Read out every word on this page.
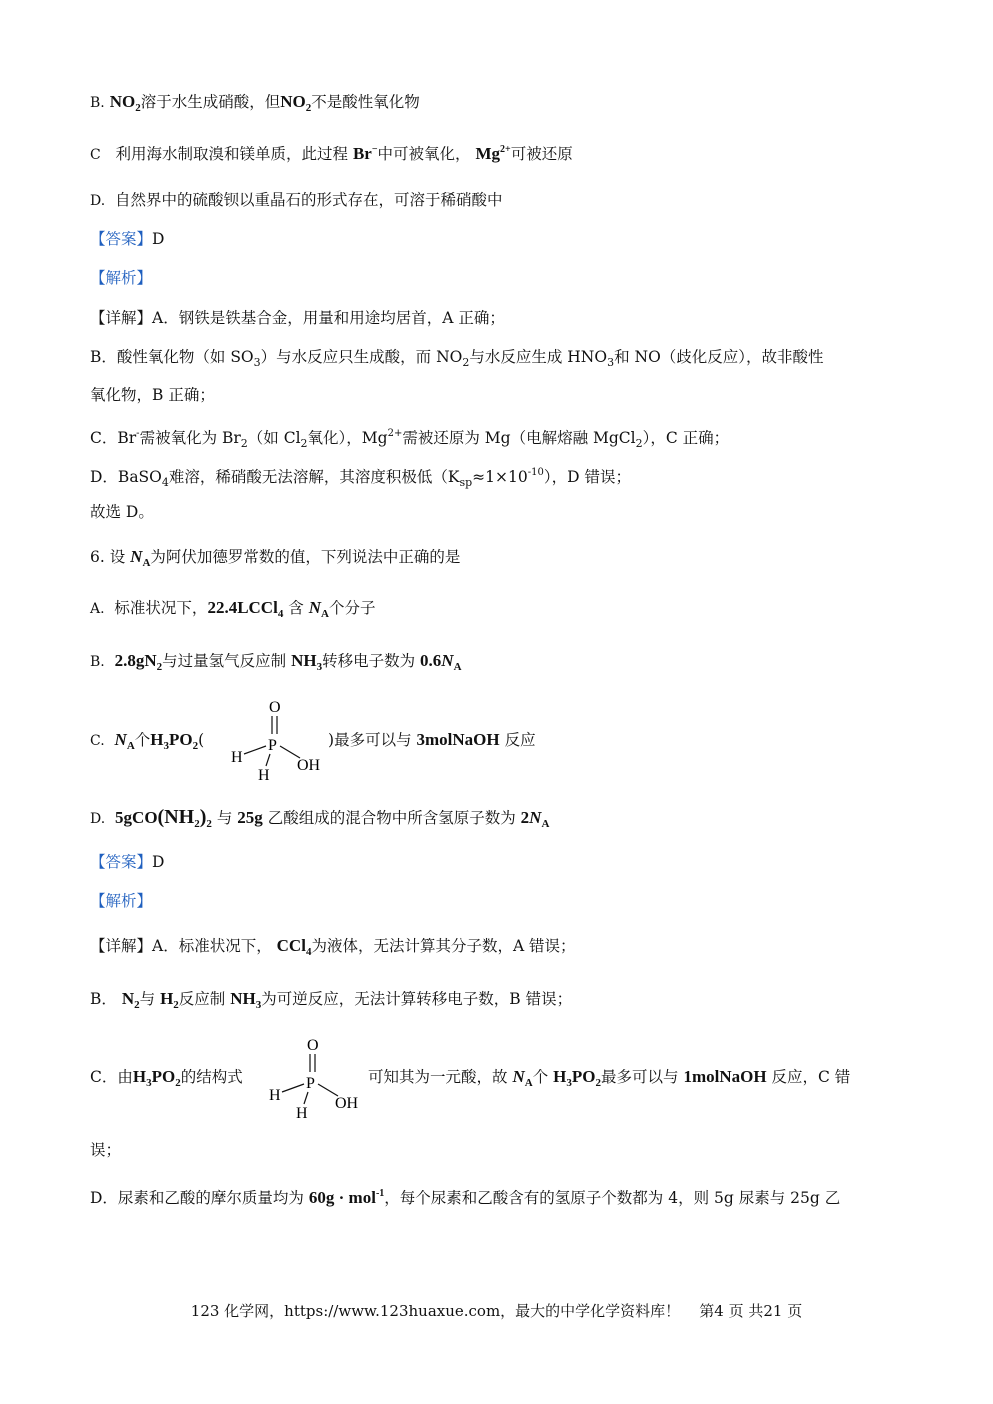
B. $NO_2$溶于水生成硝酸，但$NO_2$不是酸性氧化物
C 利用海水制取溴和镁单质，此过程 Br−中可被氧化， $Mg^{2+}$可被还原
D. 自然界中的硫酸钡以重晶石的形式存在，可溶于稀硝酸中
【答案】D
【解析】
【详解】A．钢铁是铁基合金，用量和用途均居首，A 正确；
B．酸性氧化物（如 $SO_3$）与水反应只生成酸，而 $NO_2$与水反应生成 $HNO_3$和 NO（歧化反应），故非酸性
氧化物，B 正确；
C．Br-需被氧化为 $Br_2$（如 $Cl_2$氧化），$Mg^{2+}$需被还原为 Mg（电解熔融 MgCl$_2$），C 正确；
D．BaSO$_4$难溶，稀硝酸无法溶解，其溶度积极低$(K_{sp}\approx 1\times 10^{-10})$，D 错误；
故选 D。
6. 设 $N_A$为阿伏加德罗常数的值，下列说法中正确的是
A. 标准状况下，22.4LCCl$_4$ 含 $N_A$个分子
B. $2.8gN_2$与过量氢气反应制 $NH_3$转移电子数为 $0.6N_A$
C. $N_A$个$H_3PO_2$(
O
P
H	OH
H
)最多可以与 3molNaOH 反应
D. $5gCO(NH_2)_2$ 与 25g 乙酸组成的混合物中所含氢原子数为 $2N_A$
【答案】D
【解析】
【详解】A．标准状况下， CCl$_4$为液体，无法计算其分子数，A 错误；
B． $N_2$与 $H_2$反应制 $NH_3$为可逆反应，无法计算转移电子数，B 错误；
C．由$H_3PO_2$的结构式
O
P
H	OH
H
可知其为一元酸，故 $N_A$个 $H_3PO_2$最多可以与 1molNaOH 反应，C 错
误；
D．尿素和乙酸的摩尔质量均为 60g · mol$^{-1}$，每个尿素和乙酸含有的氢原子个数都为 4，则 5g 尿素与 25g 乙
123 化学网，https://www.123huaxue.com，最大的中学化学资料库！ 第4 页 共21 页
